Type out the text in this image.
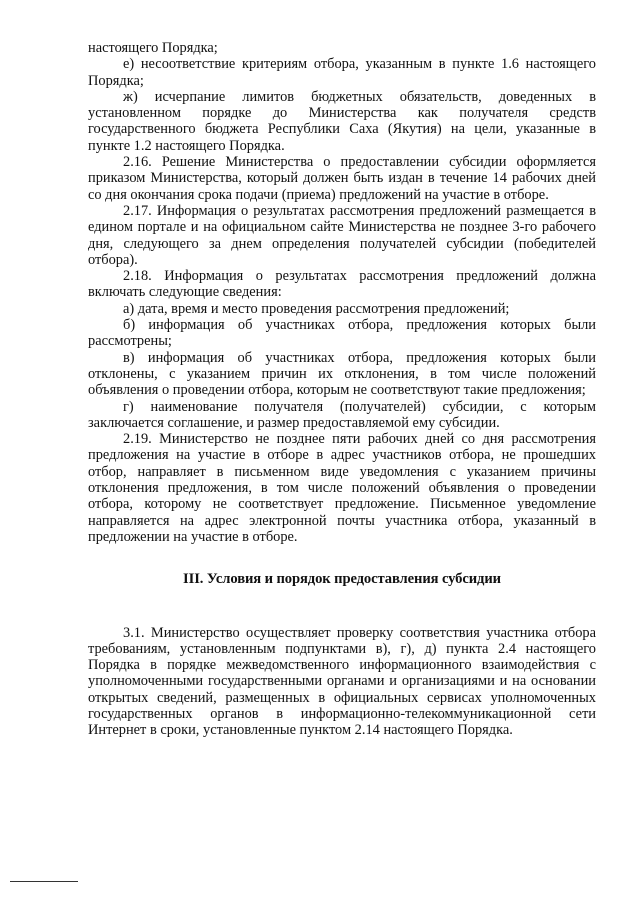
настоящего Порядка;

е) несоответствие критериям отбора, указанным в пункте 1.6 настоящего Порядка;

ж) исчерпание лимитов бюджетных обязательств, доведенных в установленном порядке до Министерства как получателя средств государственного бюджета Республики Саха (Якутия) на цели, указанные в пункте 1.2 настоящего Порядка.

2.16. Решение Министерства о предоставлении субсидии оформляется приказом Министерства, который должен быть издан в течение 14 рабочих дней со дня окончания срока подачи (приема) предложений на участие в отборе.

2.17. Информация о результатах рассмотрения предложений размещается в едином портале и на официальном сайте Министерства не позднее 3-го рабочего дня, следующего за днем определения получателей субсидии (победителей отбора).

2.18. Информация о результатах рассмотрения предложений должна включать следующие сведения:

а) дата, время и место проведения рассмотрения предложений;

б) информация об участниках отбора, предложения которых были рассмотрены;

в) информация об участниках отбора, предложения которых были отклонены, с указанием причин их отклонения, в том числе положений объявления о проведении отбора, которым не соответствуют такие предложения;

г) наименование получателя (получателей) субсидии, с которым заключается соглашение, и размер предоставляемой ему субсидии.

2.19. Министерство не позднее пяти рабочих дней со дня рассмотрения предложения на участие в отборе в адрес участников отбора, не прошедших отбор, направляет в письменном виде уведомления с указанием причины отклонения предложения, в том числе положений объявления о проведении отбора, которому не соответствует предложение. Письменное уведомление направляется на адрес электронной почты участника отбора, указанный в предложении на участие в отборе.

III. Условия и порядок предоставления субсидии

3.1. Министерство осуществляет проверку соответствия участника отбора требованиям, установленным подпунктами в), г), д) пункта 2.4 настоящего Порядка в порядке межведомственного информационного взаимодействия с уполномоченными государственными органами и организациями и на основании открытых сведений, размещенных в официальных сервисах уполномоченных государственных органов в информационно-телекоммуникационной сети Интернет в сроки, установленные пунктом 2.14 настоящего Порядка.
